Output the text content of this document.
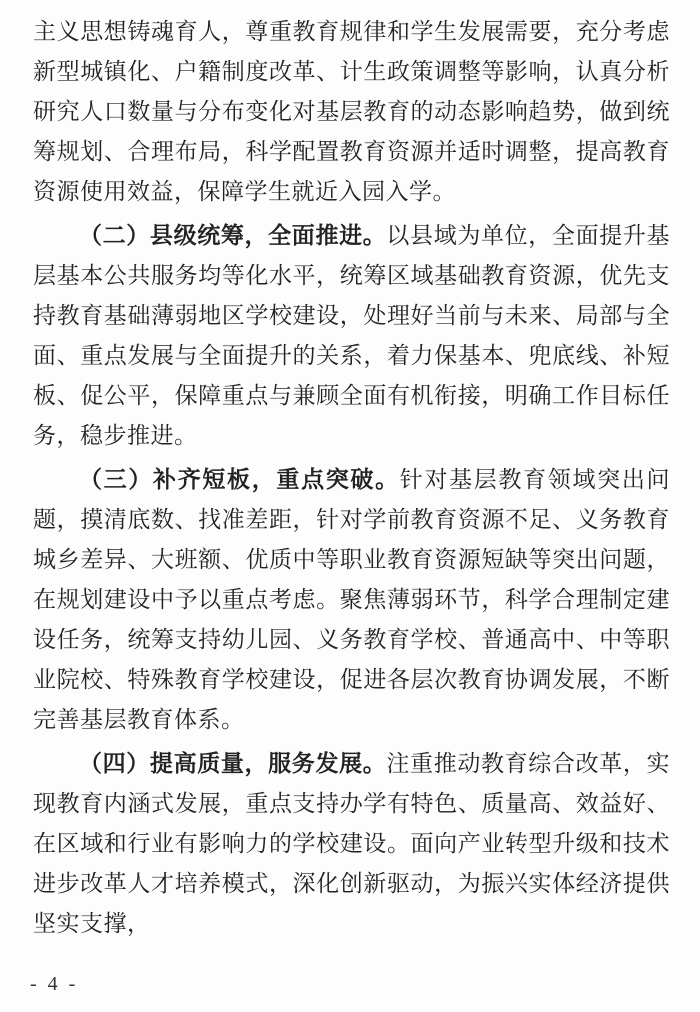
主义思想铸魂育人，尊重教育规律和学生发展需要，充分考虑新型城镇化、户籍制度改革、计生政策调整等影响，认真分析研究人口数量与分布变化对基层教育的动态影响趋势，做到统筹规划、合理布局，科学配置教育资源并适时调整，提高教育资源使用效益，保障学生就近入园入学。

（二）县级统筹，全面推进。以县域为单位，全面提升基层基本公共服务均等化水平，统筹区域基础教育资源，优先支持教育基础薄弱地区学校建设，处理好当前与未来、局部与全面、重点发展与全面提升的关系，着力保基本、兜底线、补短板、促公平，保障重点与兼顾全面有机衔接，明确工作目标任务，稳步推进。

（三）补齐短板，重点突破。针对基层教育领域突出问题，摸清底数、找准差距，针对学前教育资源不足、义务教育城乡差异、大班额、优质中等职业教育资源短缺等突出问题，在规划建设中予以重点考虑。聚焦薄弱环节，科学合理制定建设任务，统筹支持幼儿园、义务教育学校、普通高中、中等职业院校、特殊教育学校建设，促进各层次教育协调发展，不断完善基层教育体系。

（四）提高质量，服务发展。注重推动教育综合改革，实现教育内涵式发展，重点支持办学有特色、质量高、效益好、在区域和行业有影响力的学校建设。面向产业转型升级和技术进步改革人才培养模式，深化创新驱动，为振兴实体经济提供坚实支撑，

- 4 -
